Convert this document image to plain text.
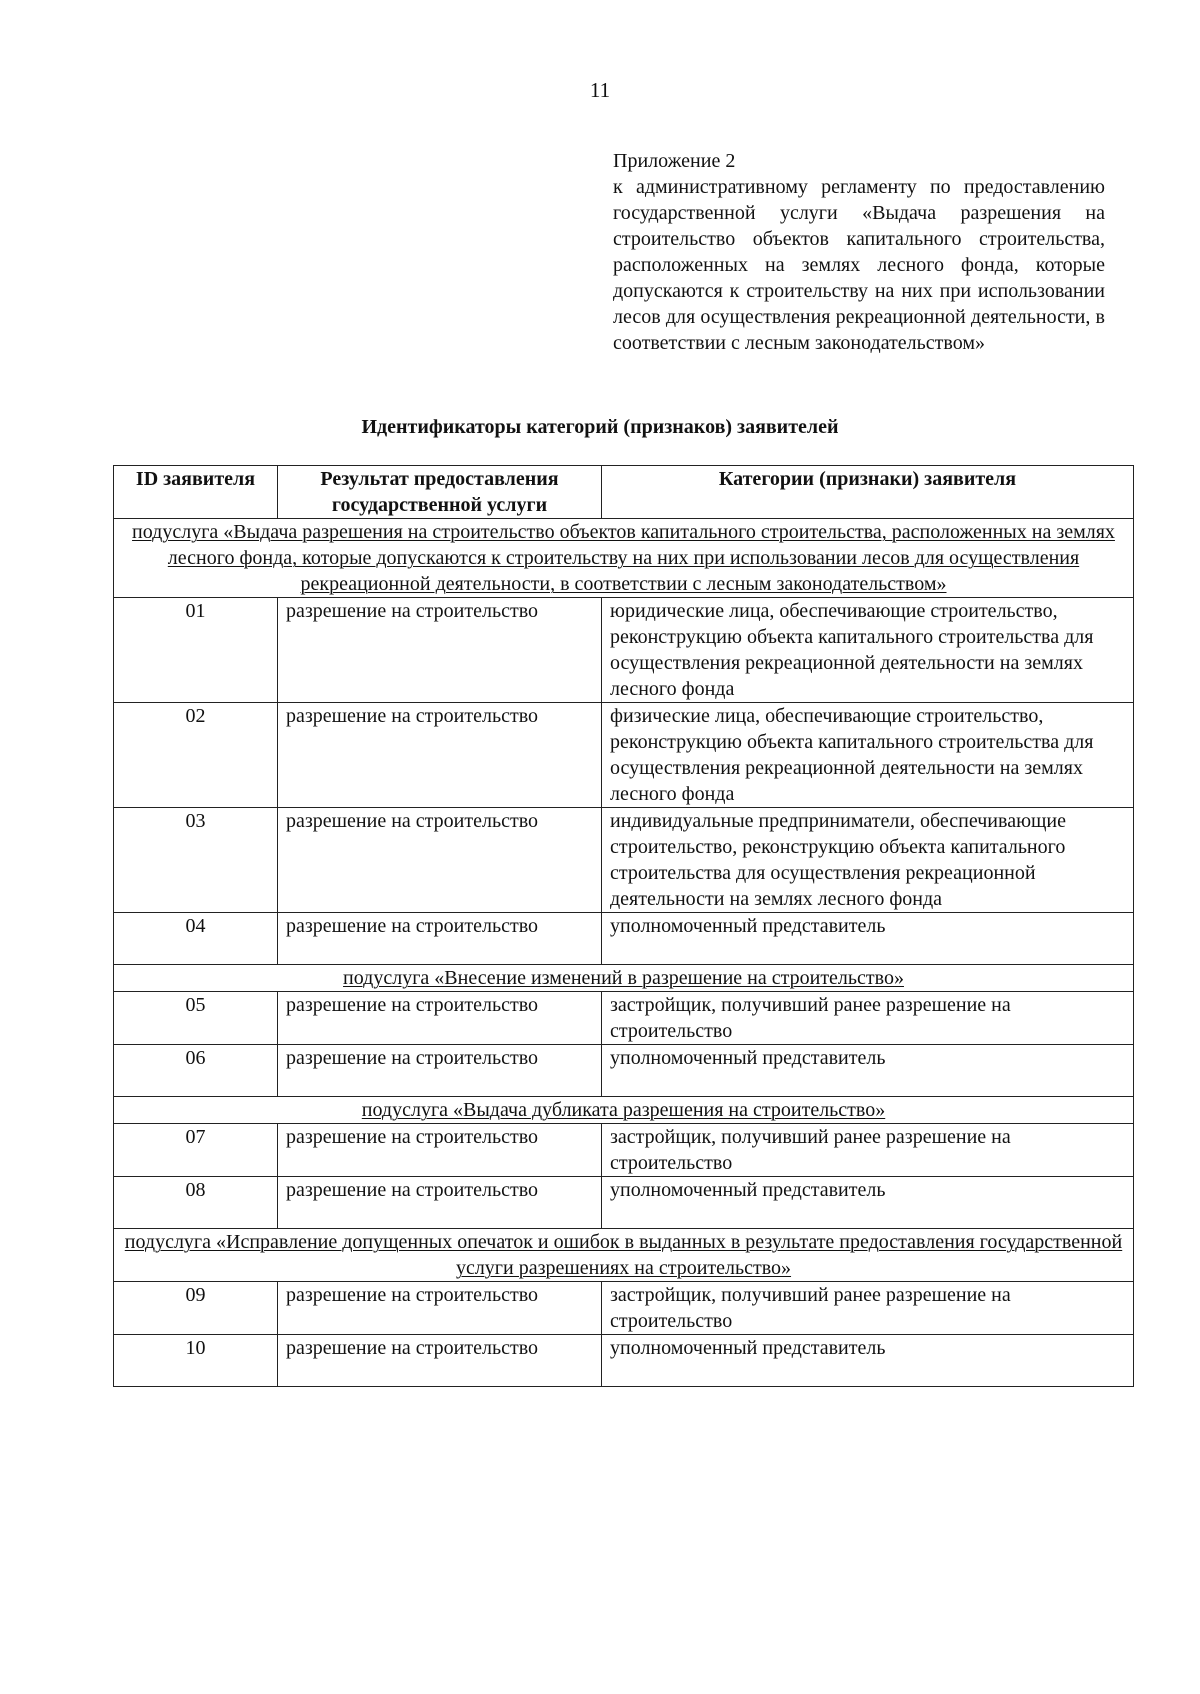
11
Приложение 2
к административному регламенту по предоставлению государственной услуги «Выдача разрешения на строительство объектов капитального строительства, расположенных на землях лесного фонда, которые допускаются к строительству на них при использовании лесов для осуществления рекреационной деятельности, в соответствии с лесным законодательством»
Идентификаторы категорий (признаков) заявителей
ID заявителя	Результат предоставления государственной услуги	Категории (признаки) заявителя
подуслуга «Выдача разрешения на строительство объектов капитального строительства, расположенных на землях лесного фонда, которые допускаются к строительству на них при использовании лесов для осуществления рекреационной деятельности, в соответствии с лесным законодательством»		
01	разрешение на строительство	юридические лица, обеспечивающие строительство, реконструкцию объекта капитального строительства для осуществления рекреационной деятельности на землях лесного фонда
02	разрешение на строительство	физические лица, обеспечивающие строительство, реконструкцию объекта капитального строительства для осуществления рекреационной деятельности на землях лесного фонда
03	разрешение на строительство	индивидуальные предприниматели, обеспечивающие строительство, реконструкцию объекта капитального строительства для осуществления рекреационной деятельности на землях лесного фонда
04	разрешение на строительство	уполномоченный представитель
подуслуга «Внесение изменений в разрешение на строительство»		
05	разрешение на строительство	застройщик, получивший ранее разрешение на строительство
06	разрешение на строительство	уполномоченный представитель
подуслуга «Выдача дубликата разрешения на строительство»		
07	разрешение на строительство	застройщик, получивший ранее разрешение на строительство
08	разрешение на строительство	уполномоченный представитель
подуслуга «Исправление допущенных опечаток и ошибок в выданных в результате предоставления государственной услуги разрешениях на строительство»		
09	разрешение на строительство	застройщик, получивший ранее разрешение на строительство
10	разрешение на строительство	уполномоченный представитель
